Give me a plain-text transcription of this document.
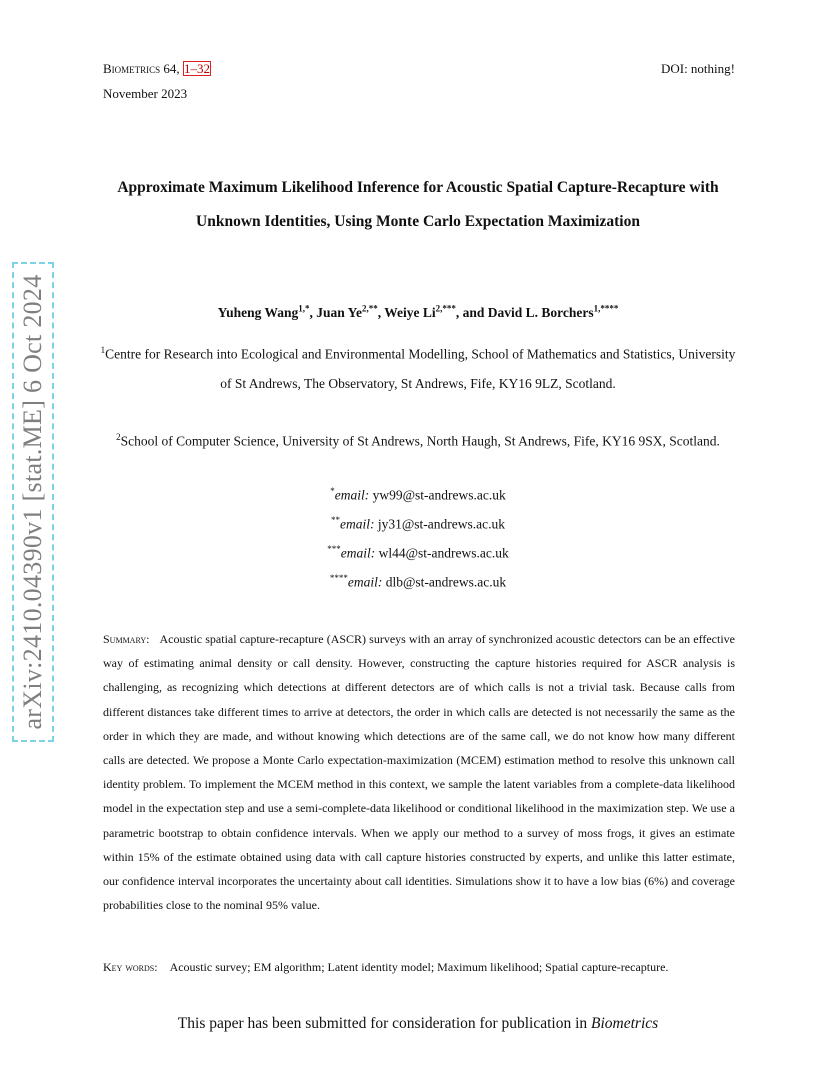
Biometrics 64, 1–32	DOI: nothing!
November 2023
arXiv:2410.04390v1 [stat.ME] 6 Oct 2024
Approximate Maximum Likelihood Inference for Acoustic Spatial Capture-Recapture with Unknown Identities, Using Monte Carlo Expectation Maximization
Yuheng Wang$^{1,*}$, Juan $Ye^{2,**}$, Weiye $Li^{2,***}$, and David L. Borchers$^{1,****}$
$^1$Centre for Research into Ecological and Environmental Modelling, School of Mathematics and Statistics, University of St Andrews, The Observatory, St Andrews, Fife, KY16 9LZ, Scotland.
$^2$School of Computer Science, University of St Andrews, North Haugh, St Andrews, Fife, KY16 9SX, Scotland.
*email: yw99@st-andrews.ac.uk
**email: jy31@st-andrews.ac.uk
***email: wl44@st-andrews.ac.uk
****email: dlb@st-andrews.ac.uk
Summary: Acoustic spatial capture-recapture (ASCR) surveys with an array of synchronized acoustic detectors can be an effective way of estimating animal density or call density. However, constructing the capture histories required for ASCR analysis is challenging, as recognizing which detections at different detectors are of which calls is not a trivial task. Because calls from different distances take different times to arrive at detectors, the order in which calls are detected is not necessarily the same as the order in which they are made, and without knowing which detections are of the same call, we do not know how many different calls are detected. We propose a Monte Carlo expectation-maximization (MCEM) estimation method to resolve this unknown call identity problem. To implement the MCEM method in this context, we sample the latent variables from a complete-data likelihood model in the expectation step and use a semi-complete-data likelihood or conditional likelihood in the maximization step. We use a parametric bootstrap to obtain confidence intervals. When we apply our method to a survey of moss frogs, it gives an estimate within 15% of the estimate obtained using data with call capture histories constructed by experts, and unlike this latter estimate, our confidence interval incorporates the uncertainty about call identities. Simulations show it to have a low bias (6%) and coverage probabilities close to the nominal 95% value.
Key words: Acoustic survey; EM algorithm; Latent identity model; Maximum likelihood; Spatial capture-recapture.
This paper has been submitted for consideration for publication in Biometrics
